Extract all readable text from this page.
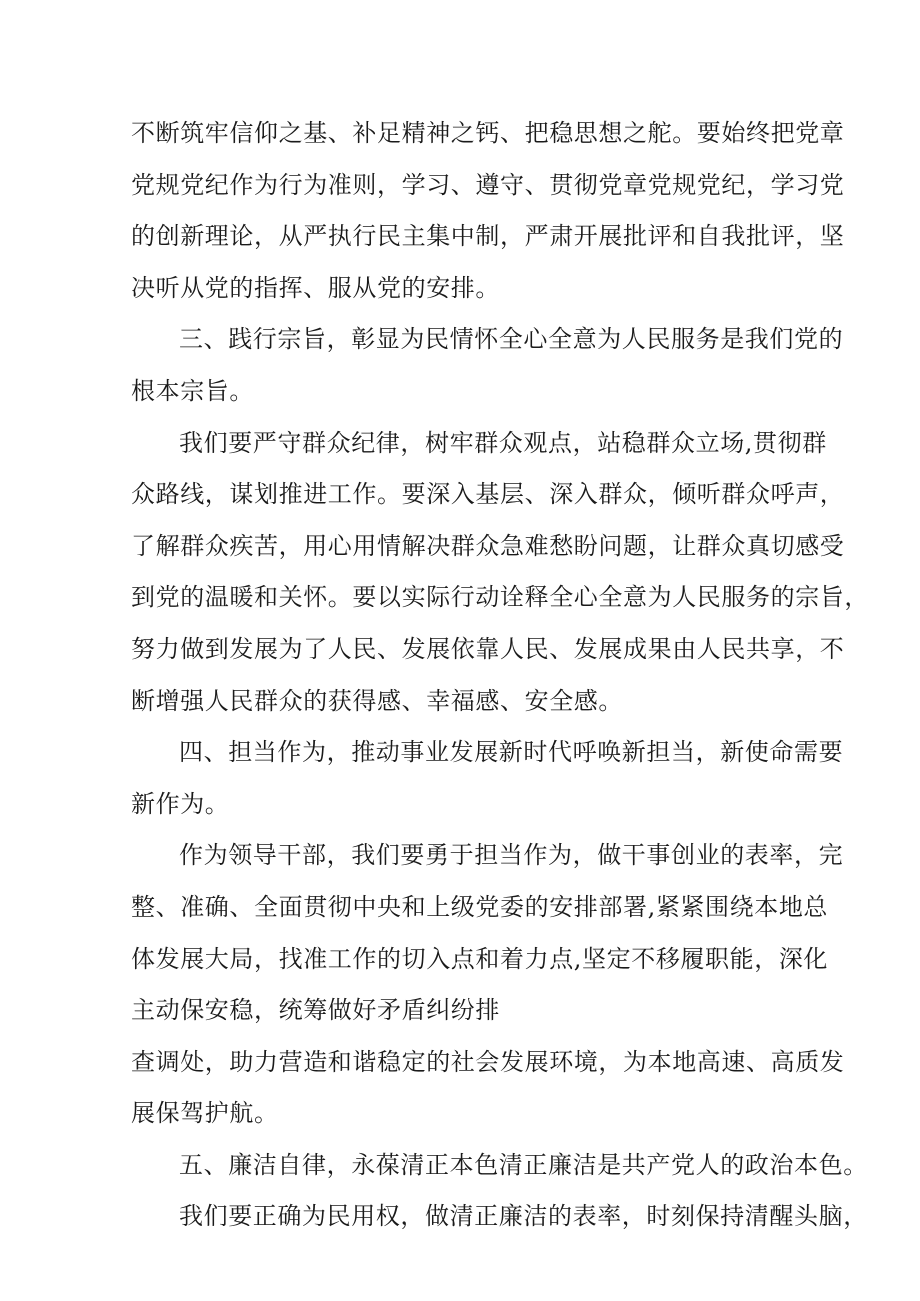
不断筑牢信仰之基、补足精神之钙、把稳思想之舵。要始终把党章
党规党纪作为行为准则，学习、遵守、贯彻党章党规党纪，学习党
的创新理论，从严执行民主集中制，严肃开展批评和自我批评，坚
决听从党的指挥、服从党的安排。

三、践行宗旨，彰显为民情怀全心全意为人民服务是我们党的
根本宗旨。

我们要严守群众纪律，树牢群众观点，站稳群众立场,贯彻群
众路线，谋划推进工作。要深入基层、深入群众，倾听群众呼声，
了解群众疾苦，用心用情解决群众急难愁盼问题，让群众真切感受
到党的温暖和关怀。要以实际行动诠释全心全意为人民服务的宗旨，
努力做到发展为了人民、发展依靠人民、发展成果由人民共享，不
断增强人民群众的获得感、幸福感、安全感。

四、担当作为，推动事业发展新时代呼唤新担当，新使命需要
新作为。

作为领导干部，我们要勇于担当作为，做干事创业的表率，完
整、准确、全面贯彻中央和上级党委的安排部署,紧紧围绕本地总
体发展大局，找准工作的切入点和着力点,坚定不移履职能，深化
主动保安稳，统筹做好矛盾纠纷排

查调处，助力营造和谐稳定的社会发展环境，为本地高速、高质发
展保驾护航。

五、廉洁自律，永葆清正本色清正廉洁是共产党人的政治本色。

我们要正确为民用权，做清正廉洁的表率，时刻保持清醒头脑，
